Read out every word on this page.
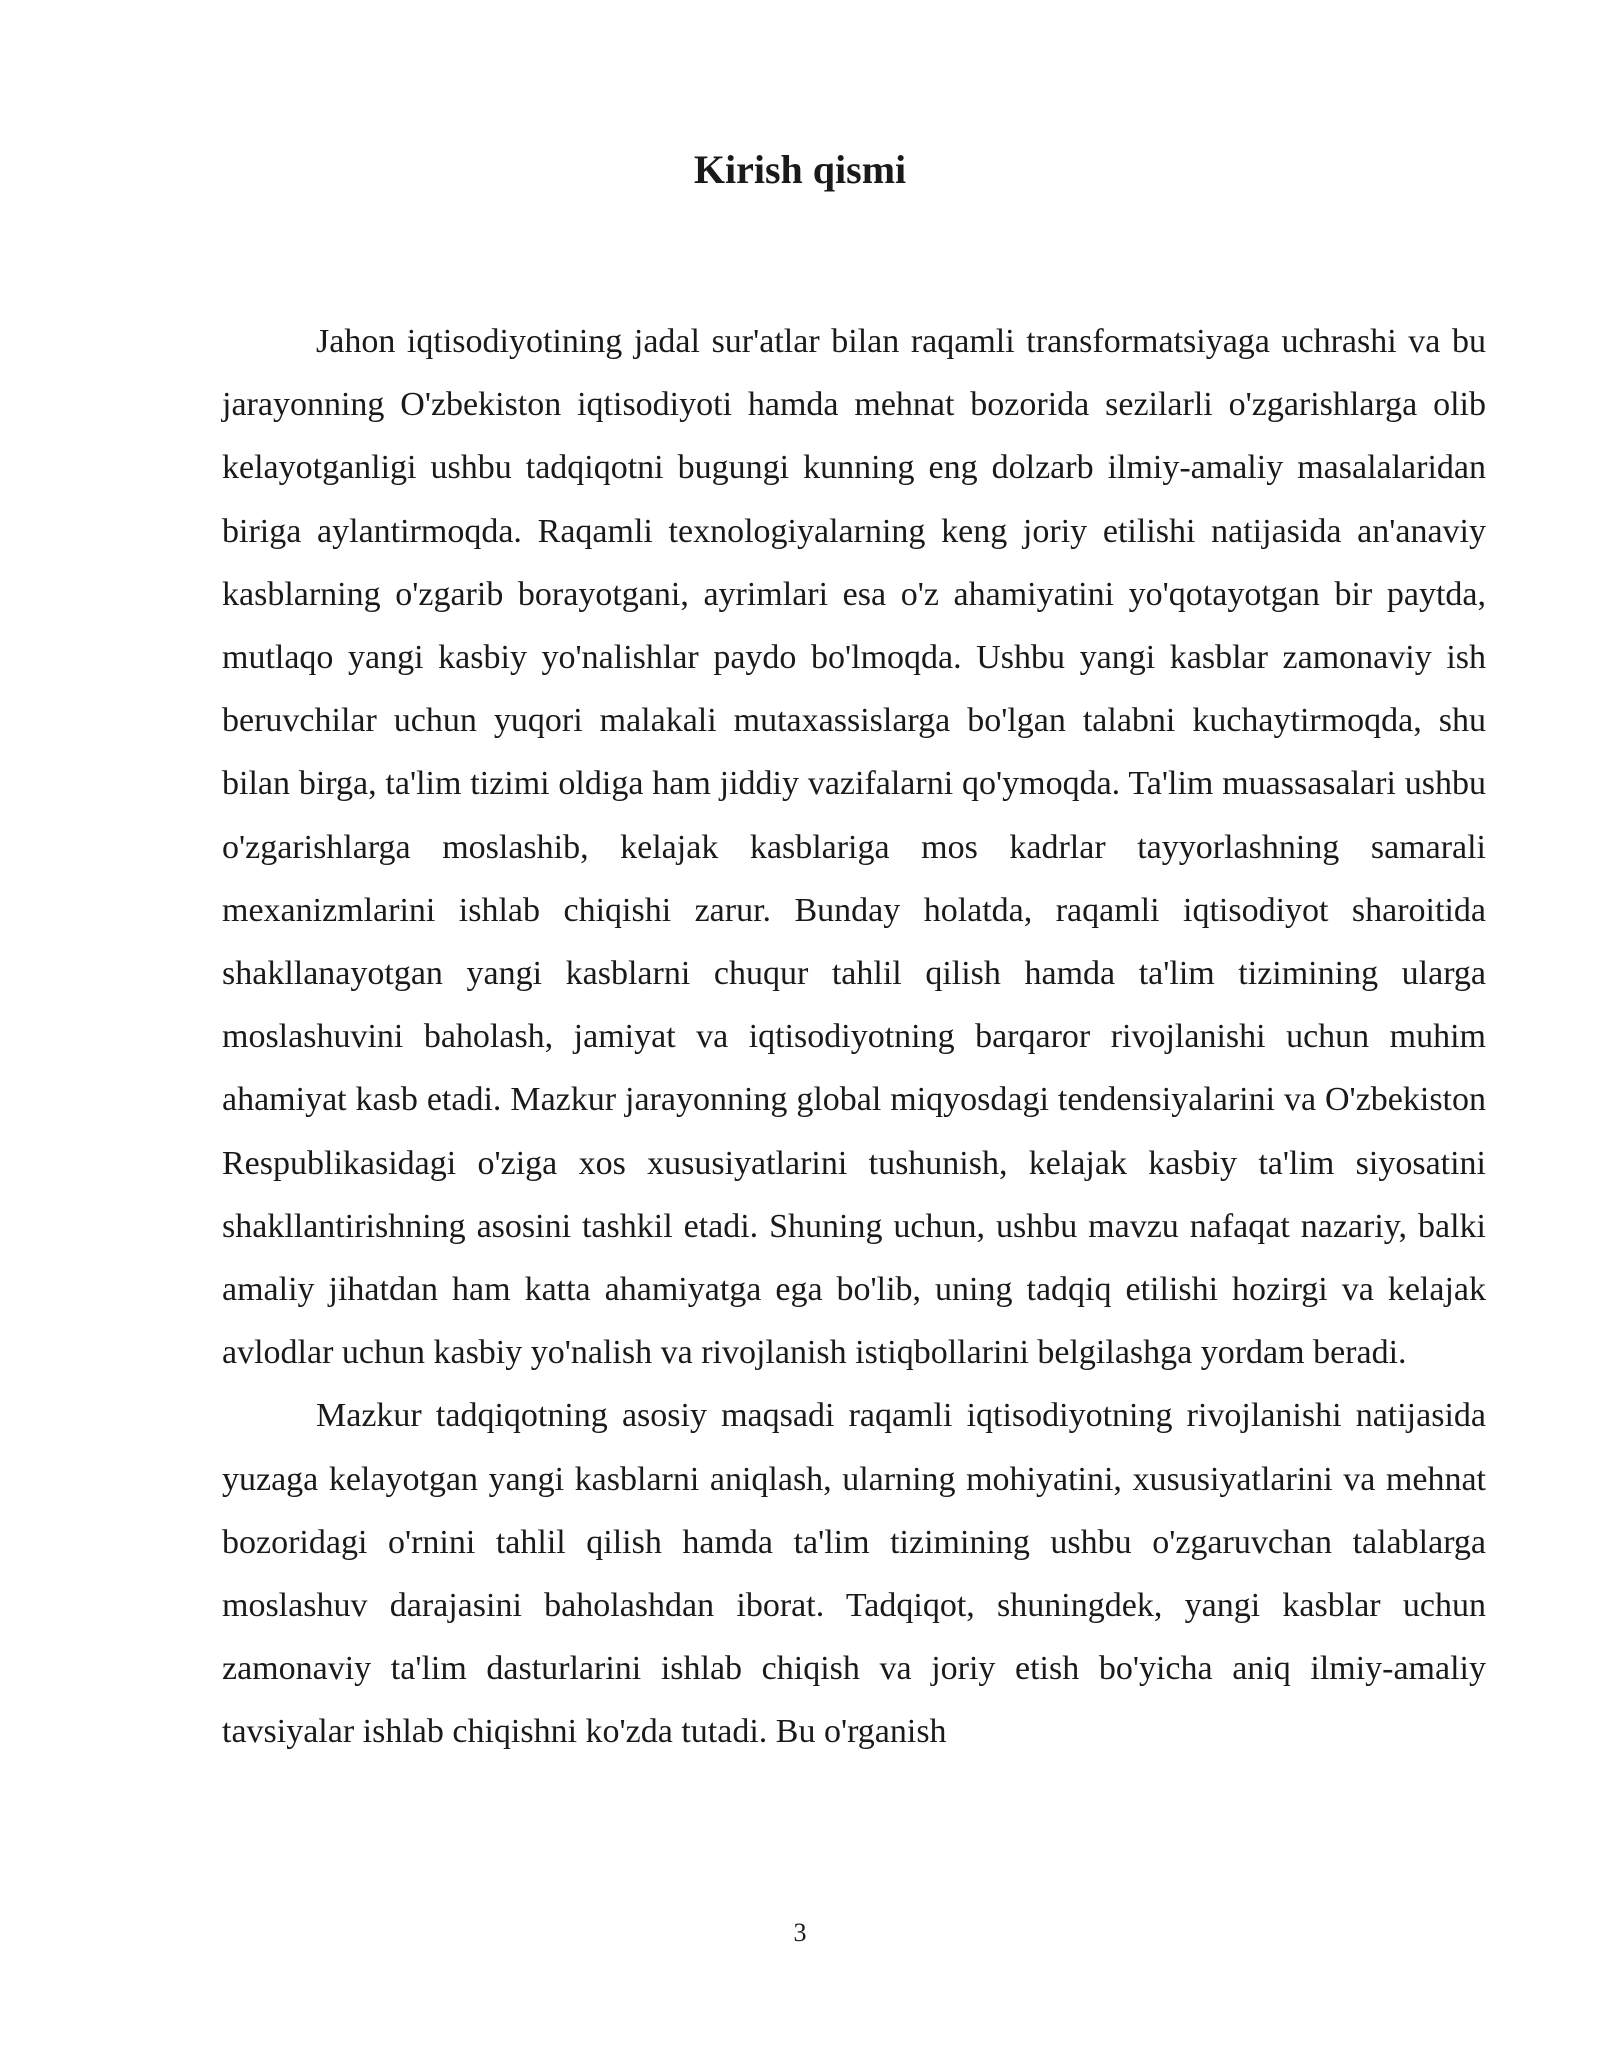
Kirish qismi

Jahon iqtisodiyotining jadal sur'atlar bilan raqamli transformatsiyaga uchrashi va bu jarayonning O'zbekiston iqtisodiyoti hamda mehnat bozorida sezilarli o'zgarishlarga olib kelayotganligi ushbu tadqiqotni bugungi kunning eng dolzarb ilmiy-amaliy masalalaridan biriga aylantirmoqda. Raqamli texnologiyalarning keng joriy etilishi natijasida an'anaviy kasblarning o'zgarib borayotgani, ayrimlari esa o'z ahamiyatini yo'qotayotgan bir paytda, mutlaqo yangi kasbiy yo'nalishlar paydo bo'lmoqda. Ushbu yangi kasblar zamonaviy ish beruvchilar uchun yuqori malakali mutaxassislarga bo'lgan talabni kuchaytirmoqda, shu bilan birga, ta'lim tizimi oldiga ham jiddiy vazifalarni qo'ymoqda. Ta'lim muassasalari ushbu o'zgarishlarga moslashib, kelajak kasblariga mos kadrlar tayyorlashning samarali mexanizmlarini ishlab chiqishi zarur. Bunday holatda, raqamli iqtisodiyot sharoitida shakllanayotgan yangi kasblarni chuqur tahlil qilish hamda ta'lim tizimining ularga moslashuvini baholash, jamiyat va iqtisodiyotning barqaror rivojlanishi uchun muhim ahamiyat kasb etadi. Mazkur jarayonning global miqyosdagi tendensiyalarini va O'zbekiston Respublikasidagi o'ziga xos xususiyatlarini tushunish, kelajak kasbiy ta'lim siyosatini shakllantirishning asosini tashkil etadi. Shuning uchun, ushbu mavzu nafaqat nazariy, balki amaliy jihatdan ham katta ahamiyatga ega bo'lib, uning tadqiq etilishi hozirgi va kelajak avlodlar uchun kasbiy yo'nalish va rivojlanish istiqbollarini belgilashga yordam beradi.

Mazkur tadqiqotning asosiy maqsadi raqamli iqtisodiyotning rivojlanishi natijasida yuzaga kelayotgan yangi kasblarni aniqlash, ularning mohiyatini, xususiyatlarini va mehnat bozoridagi o'rnini tahlil qilish hamda ta'lim tizimining ushbu o'zgaruvchan talablarga moslashuv darajasini baholashdan iborat. Tadqiqot, shuningdek, yangi kasblar uchun zamonaviy ta'lim dasturlarini ishlab chiqish va joriy etish bo'yicha aniq ilmiy-amaliy tavsiyalar ishlab chiqishni ko'zda tutadi. Bu o'rganish

3
